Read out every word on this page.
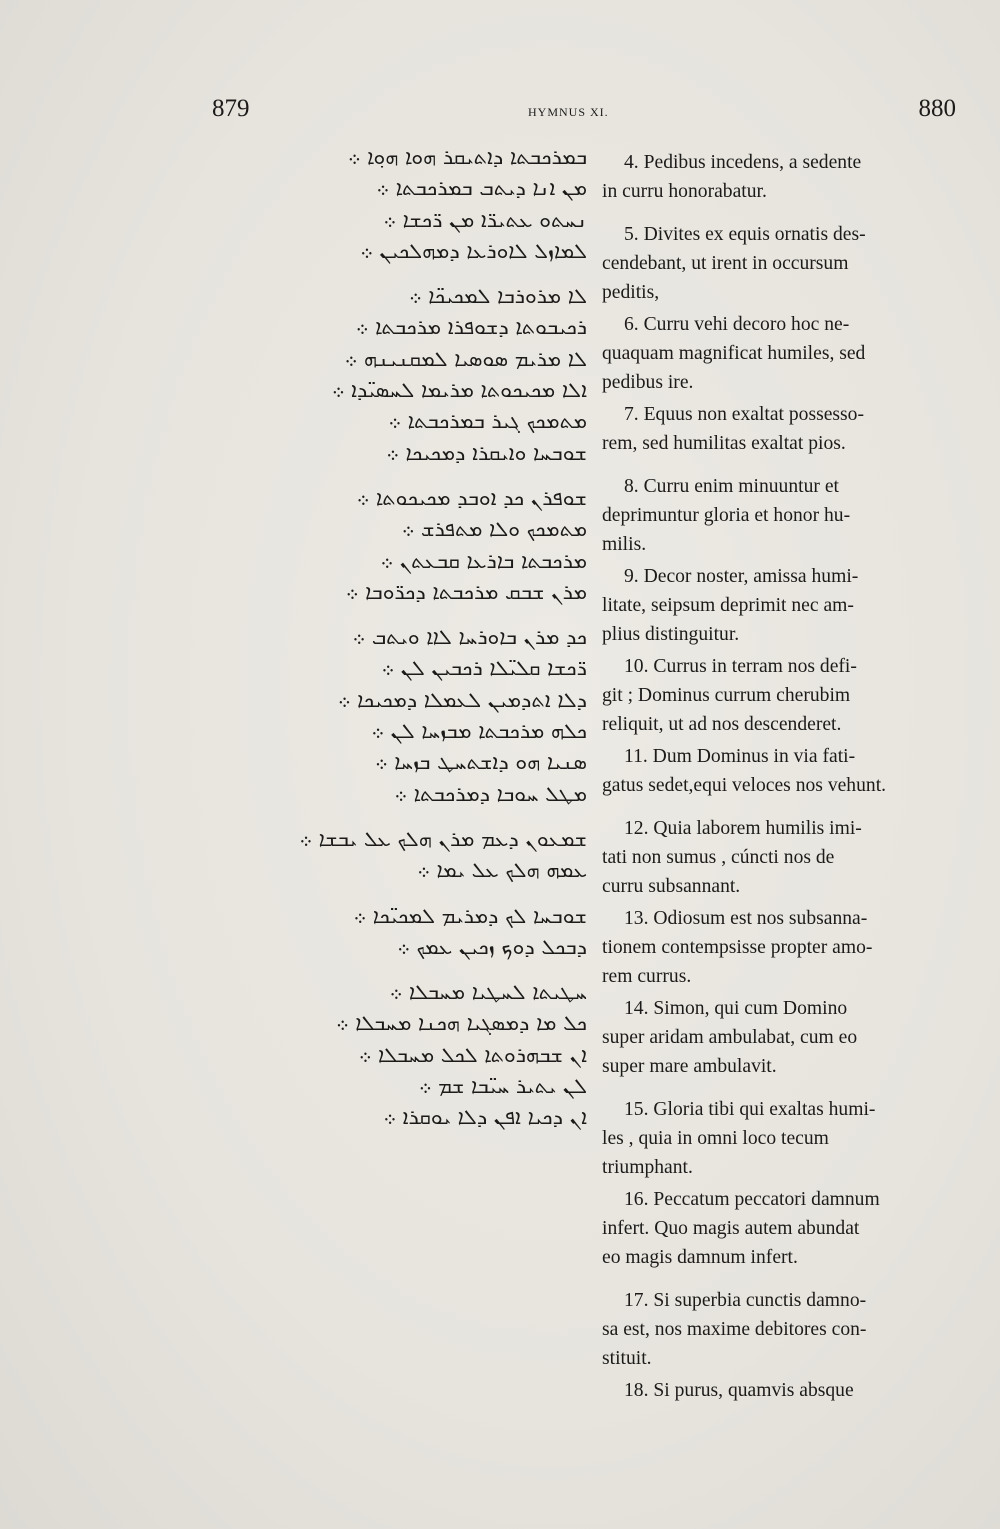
879	HYMNUS XI.	880
ܒܡܪܟܒܬܐ ܕܐܬܝܩܪ ܗܘܐ ܗܘ݂ܐ ܀
ܡܢ ܐܢܐ ܕܝܬܒ ܒܡܪܟܒܬܐ ܀
ܢܚܬܘ ܥܬܝܪ̈ܐ ܡܢ ܪ̈ܟܫܐ ܀
ܠܡܐܙܠ ܠܐܘܪܥܐ ܕܡܗܠܟܝܢ ܀
ܠܐ ܡܪܘܪܒܐ ܠܡܟܝܟ̈ܐ ܀
ܪܟܝܒܘܬܐ ܕܫܘܦܪܐ ܡܪܟܒܬܐ ܀
ܠܐ ܡܪܝܡ ܣܘܣܝܐ ܠܡܩܢܝܢܗ ܀
ܐܠܐ ܡܟܝܟܘܬܐ ܡܪܝܡܐ ܠܚܣܝ̈ܕܐ ܀
ܡܬܡܟܟ ܓܝܪ ܒܡܪܟܒܬܐ ܀
ܫܘܒܚܐ ܘܐܝܩܪܐ ܕܡܟܝܟܐ ܀
ܫܘܦܪܢ ܟܕ ܐܘܒܕ ܡܟܝܟܘܬܐ ܀
ܡܬܡܟܟ ܘܠܐ ܡܬܦܪܫ ܀
ܡܪܟܒܬܐ ܒܐܪܥܐ ܩܒܥܬܢ ܀
ܡܪܢ ܫܒܩ ܡܪܟܒܬܐ ܕܟܪ̈ܘܒܐ ܀
ܟܕ ܡܪܢ ܒܐܘܪܚܐ ܠܐܐ ܘܝܬܒ ܀
ܪ̈ܟܫܐ ܩܠܝ̈ܠܐ ܪܟܒܝܢ ܠܢ ܀
ܕܠܐ ܐܬܕܡܝܢ ܠܥܡܠܐ ܕܡܟܝܟܐ ܀
ܟܠܗ ܡܪܟܒܬܐ ܡܒܙܚܐ ܠܢ ܀
ܣܢܝܐ ܗܘ ܕܐܫܬܚܛ ܒܙܚܐ ܀
ܡܛܠ ܚܘܒܐ ܕܡܪܟܒܬܐ ܀
ܫܡܥܘܢ ܕܥܡ ܡܪܢ ܗܠܟ ܥܠ ܝܒܫܐ ܀
ܥܡܗ ܗܠܟ ܥܠ ܝܡܐ ܀
ܫܘܒܚܐ ܠܟ ܕܡܪܝܡ ܠܡܟܝ̈ܟܐ ܀
ܕܒܟܠ ܕܘܟ ܙܟܝܢ ܥܡܟ ܀
ܚܛܝܬܐ ܠܚܛܝܐ ܡܚܒܠܐ ܀
ܟܠ ܡܐ ܕܡܣܓܝܐ ܗܟܢܐ ܡܚܒܠܐ ܀
ܐܢ ܫܒܗܪܘܬܐ ܠܟܠ ܡܚܒܠܐ ܀
ܠܢ ܝܬܝܪ ܚܝ̈ܒܐ ܫܡ ܀
ܐܢ ܕܟܝܐ ܐܦܢ ܕܠܐ ܝܘܩܪܐ ܀
4. Pedibus incedens, a sedente
in curru honorabatur.
5. Divites ex equis ornatis des-
cendebant, ut irent in occursum
peditis,
6. Curru vehi decoro hoc ne-
quaquam magnificat humiles, sed
pedibus ire.
7. Equus non exaltat possesso-
rem, sed humilitas exaltat pios.
8. Curru enim minuuntur et
deprimuntur gloria et honor hu-
milis.
9. Decor noster, amissa humi-
litate, seipsum deprimit nec am-
plius distinguitur.
10. Currus in terram nos defi-
git ; Dominus currum cherubim
reliquit, ut ad nos descenderet.
11. Dum Dominus in via fati-
gatus sedet,equi veloces nos vehunt.
12. Quia laborem humilis imi-
tati non sumus , cúncti nos de
curru subsannant.
13. Odiosum est nos subsanna-
tionem contempsisse propter amo-
rem currus.
14. Simon, qui cum Domino
super aridam ambulabat, cum eo
super mare ambulavit.
15. Gloria tibi qui exaltas humi-
les , quia in omni loco tecum
triumphant.
16. Peccatum peccatori damnum
infert. Quo magis autem abundat
eo magis damnum infert.
17. Si superbia cunctis damno-
sa est, nos maxime debitores con-
stituit.
18. Si purus, quamvis absque
